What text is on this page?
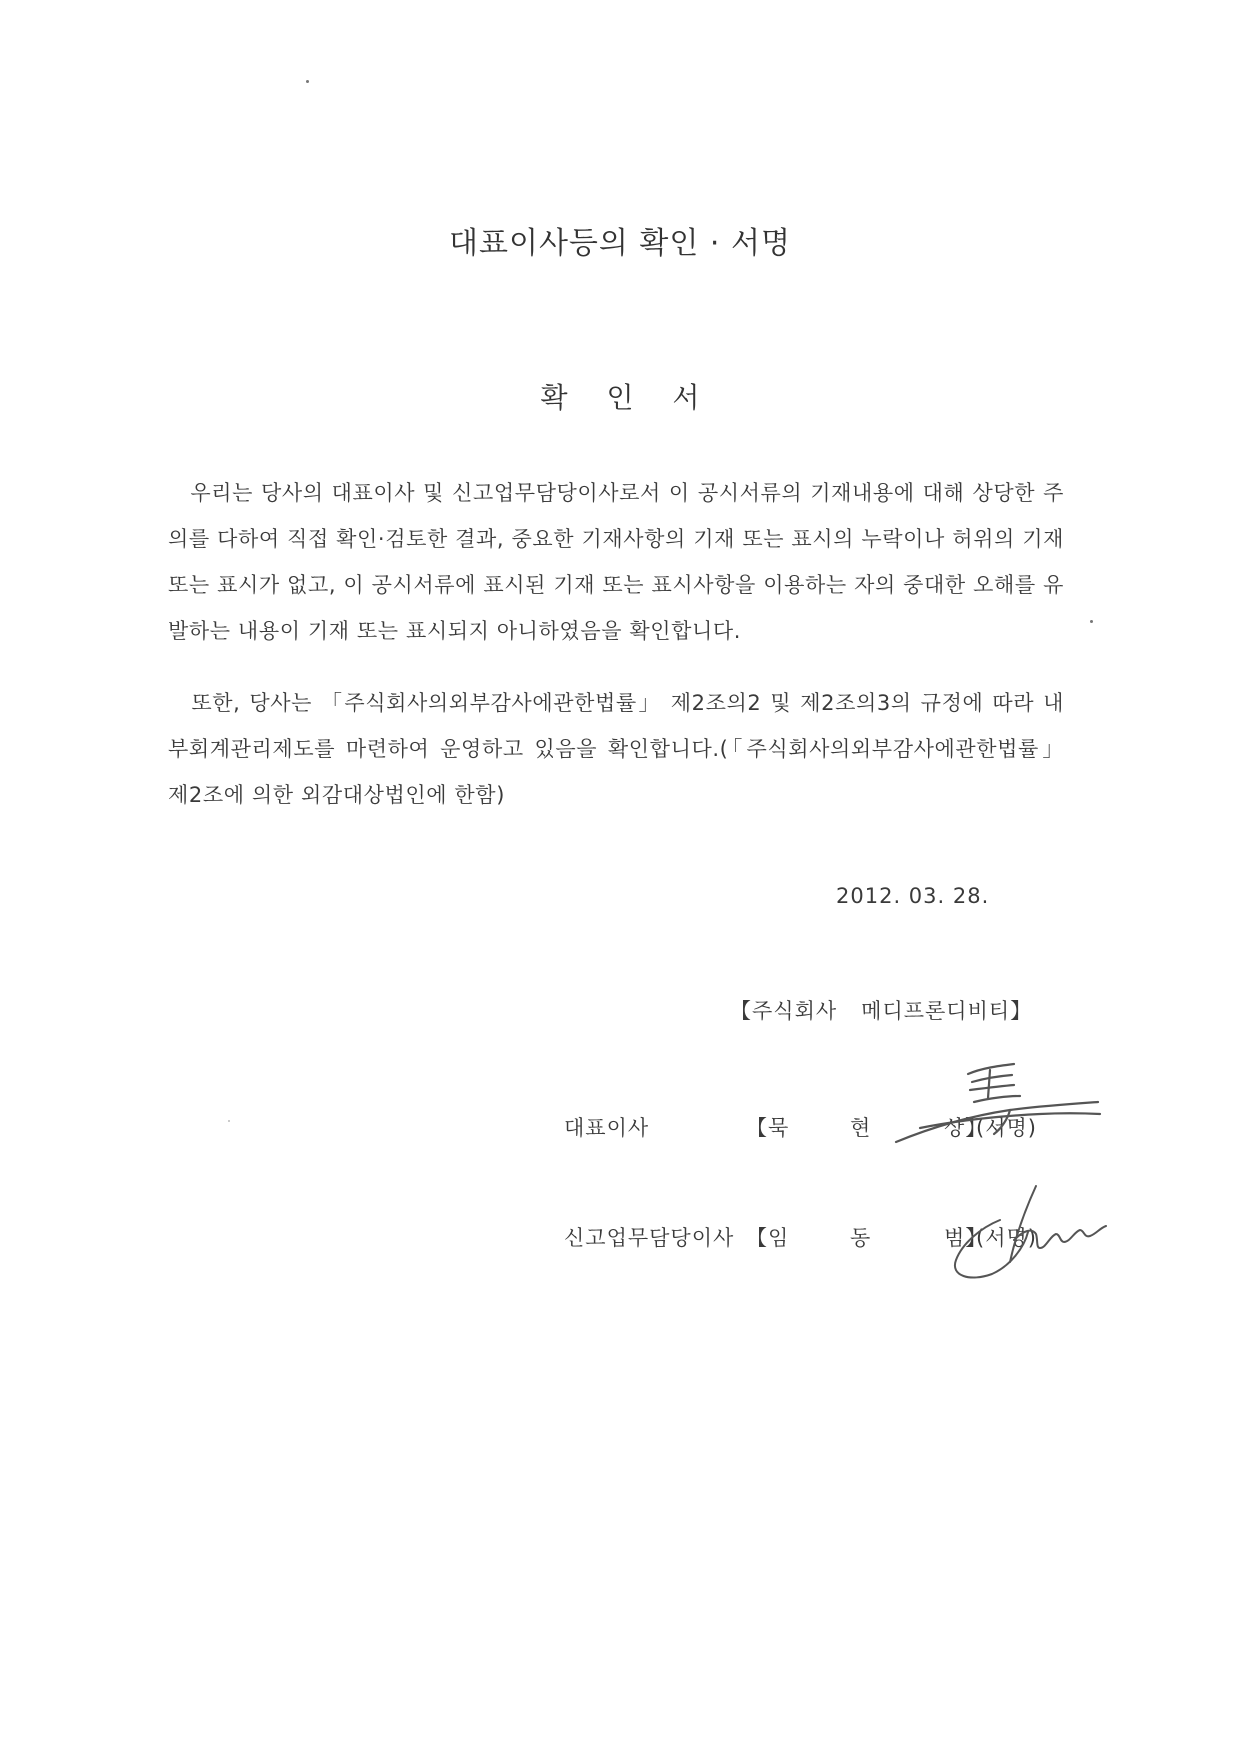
대표이사등의 확인 · 서명
확 인 서

　우리는 당사의 대표이사 및 신고업무담당이사로서 이 공시서류의 기재내용에 대해 상당한 주의를 다하여 직접 확인·검토한 결과, 중요한 기재사항의 기재 또는 표시의 누락이나 허위의 기재 또는 표시가 없고, 이 공시서류에 표시된 기재 또는 표시사항을 이용하는 자의 중대한 오해를 유발하는 내용이 기재 또는 표시되지 아니하였음을 확인합니다.

　또한, 당사는 「주식회사의외부감사에관한법률」 제2조의2 및 제2조의3의 규정에 따라 내부회계관리제도를 마련하여 운영하고 있음을 확인합니다.(「주식회사의외부감사에관한법률」 제2조에 의한 외감대상법인에 한함)

2012. 03. 28.
【주식회사 메디프론디비티】
대표이사	【묵	현	상】
(서명)
신고업무담당이사 【임	동	범】
(서명)
